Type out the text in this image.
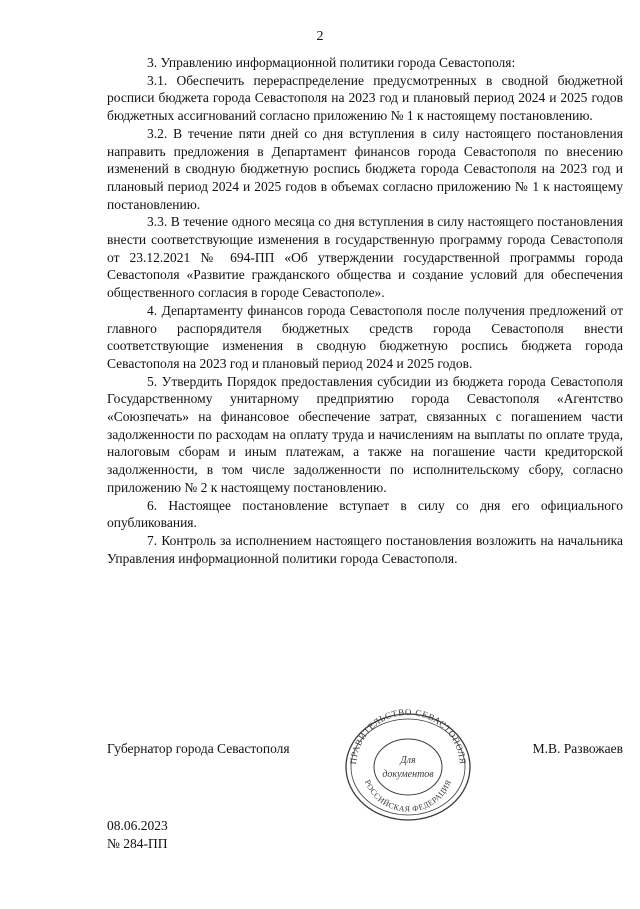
2

3. Управлению информационной политики города Севастополя:

3.1. Обеспечить перераспределение предусмотренных в сводной бюджетной росписи бюджета города Севастополя на 2023 год и плановый период 2024 и 2025 годов бюджетных ассигнований согласно приложению № 1 к настоящему постановлению.

3.2. В течение пяти дней со дня вступления в силу настоящего постановления направить предложения в Департамент финансов города Севастополя по внесению изменений в сводную бюджетную роспись бюджета города Севастополя на 2023 год и плановый период 2024 и 2025 годов в объемах согласно приложению № 1 к настоящему постановлению.

3.3. В течение одного месяца со дня вступления в силу настоящего постановления внести соответствующие изменения в государственную программу города Севастополя от 23.12.2021 № 694-ПП «Об утверждении государственной программы города Севастополя «Развитие гражданского общества и создание условий для обеспечения общественного согласия в городе Севастополе».

4. Департаменту финансов города Севастополя после получения предложений от главного распорядителя бюджетных средств города Севастополя внести соответствующие изменения в сводную бюджетную роспись бюджета города Севастополя на 2023 год и плановый период 2024 и 2025 годов.

5. Утвердить Порядок предоставления субсидии из бюджета города Севастополя Государственному унитарному предприятию города Севастополя «Агентство «Союзпечать» на финансовое обеспечение затрат, связанных с погашением части задолженности по расходам на оплату труда и начислениям на выплаты по оплате труда, налоговым сборам и иным платежам, а также на погашение части кредиторской задолженности, в том числе задолженности по исполнительскому сбору, согласно приложению № 2 к настоящему постановлению.

6. Настоящее постановление вступает в силу со дня его официального опубликования.

7. Контроль за исполнением настоящего постановления возложить на начальника Управления информационной политики города Севастополя.

Губернатор города Севастополя	М.В. Развожаев
ПРАВИТЕЛЬСТВО СЕВАСТОПОЛЯ
РОССИЙСКАЯ ФЕДЕРАЦИЯ
Для
документов
08.06.2023
№ 284-ПП
